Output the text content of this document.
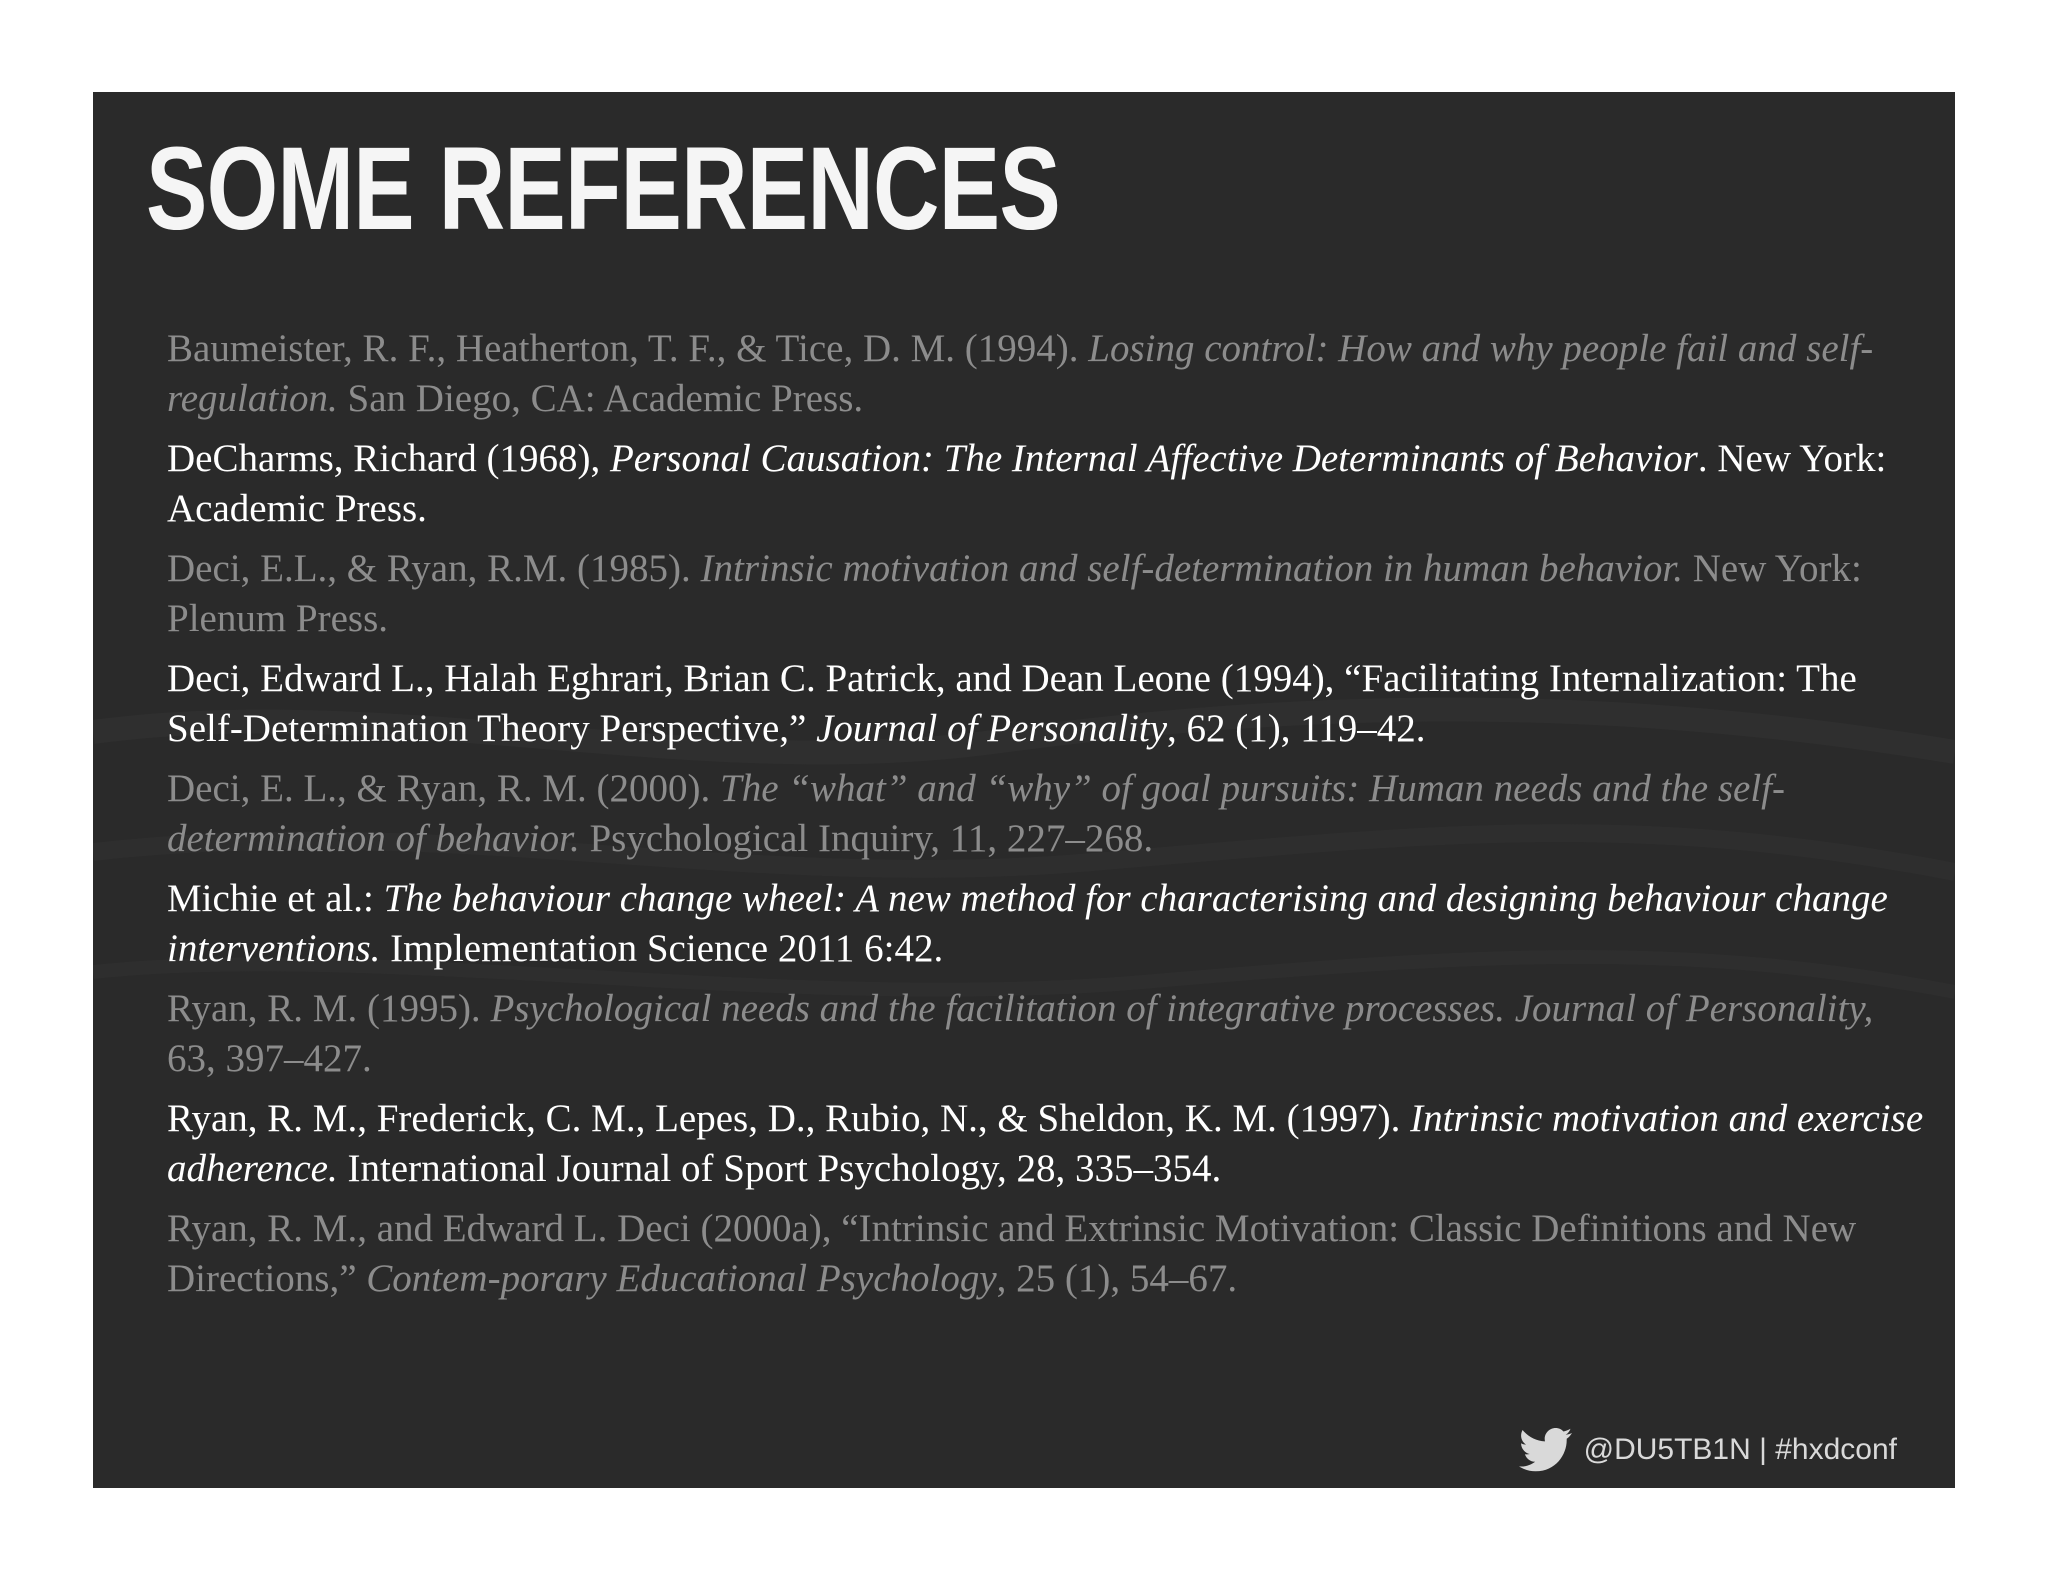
SOME REFERENCES
Baumeister, R. F., Heatherton, T. F., & Tice, D. M. (1994). Losing control: How and why people fail and self-regulation. San Diego, CA: Academic Press.
DeCharms, Richard (1968), Personal Causation: The Internal Affective Determinants of Behavior. New York: Academic Press.
Deci, E.L., & Ryan, R.M. (1985). Intrinsic motivation and self-determination in human behavior. New York: Plenum Press.
Deci, Edward L., Halah Eghrari, Brian C. Patrick, and Dean Leone (1994), “Facilitating Internalization: The Self-Determination Theory Perspective,” Journal of Personality, 62 (1), 119–42.
Deci, E. L., & Ryan, R. M. (2000). The “what” and “why” of goal pursuits: Human needs and the self-determination of behavior. Psychological Inquiry, 11, 227–268.
Michie et al.: The behaviour change wheel: A new method for characterising and designing behaviour change interventions. Implementation Science 2011 6:42.
Ryan, R. M. (1995). Psychological needs and the facilitation of integrative processes. Journal of Personality, 63, 397–427.
Ryan, R. M., Frederick, C. M., Lepes, D., Rubio, N., & Sheldon, K. M. (1997). Intrinsic motivation and exercise adherence. International Journal of Sport Psychology, 28, 335–354.
Ryan, R. M., and Edward L. Deci (2000a), “Intrinsic and Extrinsic Motivation: Classic Definitions and New Directions,” Contem-porary Educational Psychology, 25 (1), 54–67.
@DU5TB1N | #hxdconf
